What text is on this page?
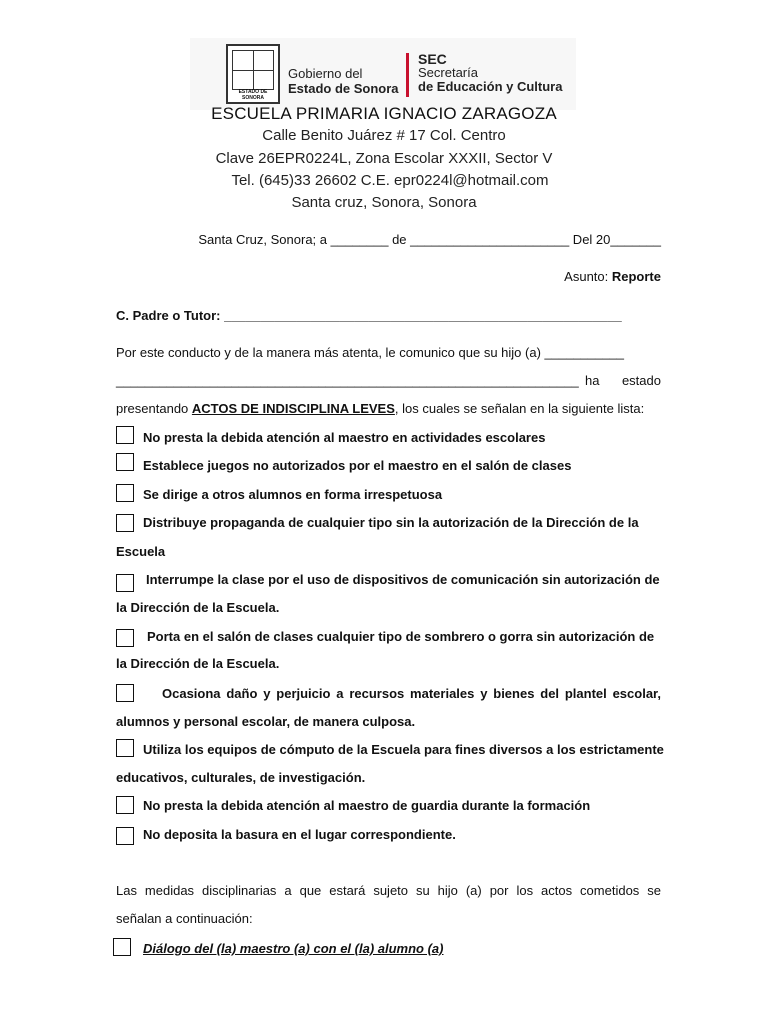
ESTADO DE SONORA
Gobierno del
Estado de Sonora
SEC
Secretaría
de Educación y Cultura
ESCUELA PRIMARIA IGNACIO ZARAGOZA
Calle Benito Juárez # 17 Col. Centro
Clave 26EPR0224L, Zona Escolar XXXII, Sector V
Tel. (645)33 26602 C.E. epr0224l@hotmail.com
Santa cruz, Sonora, Sonora
Santa Cruz, Sonora; a ________ de ______________________ Del 20_______
Asunto: Reporte
C. Padre o Tutor: _______________________________________________________
Por este conducto y de la manera más atenta, le comunico que su hijo (a) ___________
________________________________________________________________ ha estado
presentando ACTOS DE INDISCIPLINA LEVES, los cuales se señalan en la siguiente lista:
No presta la debida atención al maestro en actividades escolares
Establece juegos no autorizados por el maestro en el salón de clases
Se dirige a otros alumnos en forma irrespetuosa
Distribuye propaganda de cualquier tipo sin la autorización de la Dirección de la
Escuela
Interrumpe la clase por el uso de dispositivos de comunicación sin autorización de
la Dirección de la Escuela.
Porta en el salón de clases cualquier tipo de sombrero o gorra sin autorización de
la Dirección de la Escuela.
Ocasiona daño y perjuicio a recursos materiales y bienes del plantel escolar,
alumnos y personal escolar, de manera culposa.
Utiliza los equipos de cómputo de la Escuela para fines diversos a los estrictamente
educativos, culturales, de investigación.
No presta la debida atención al maestro de guardia durante la formación
No deposita la basura en el lugar correspondiente.
Las medidas disciplinarias a que estará sujeto su hijo (a) por los actos cometidos se
señalan a continuación:
Diálogo del (la) maestro (a) con el (la) alumno (a)
